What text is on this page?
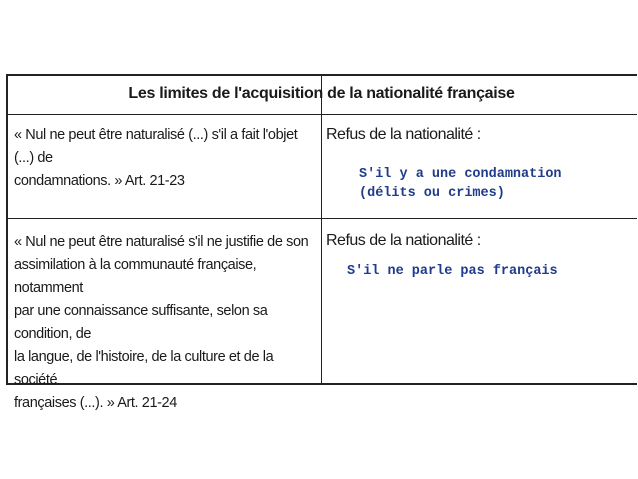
Les limites de l'acquisition de la nationalité française
« Nul ne peut être naturalisé (...) s'il a fait l'objet (...) de
condamnations. » Art. 21-23
Refus de la nationalité :
S'il y a une condamnation
(délits ou crimes)
« Nul ne peut être naturalisé s'il ne justifie de son
assimilation à la communauté française, notamment
par une connaissance suffisante, selon sa condition, de
la langue, de l'histoire, de la culture et de la société
françaises (...). » Art. 21-24
Refus de la nationalité :
S'il ne parle pas français
